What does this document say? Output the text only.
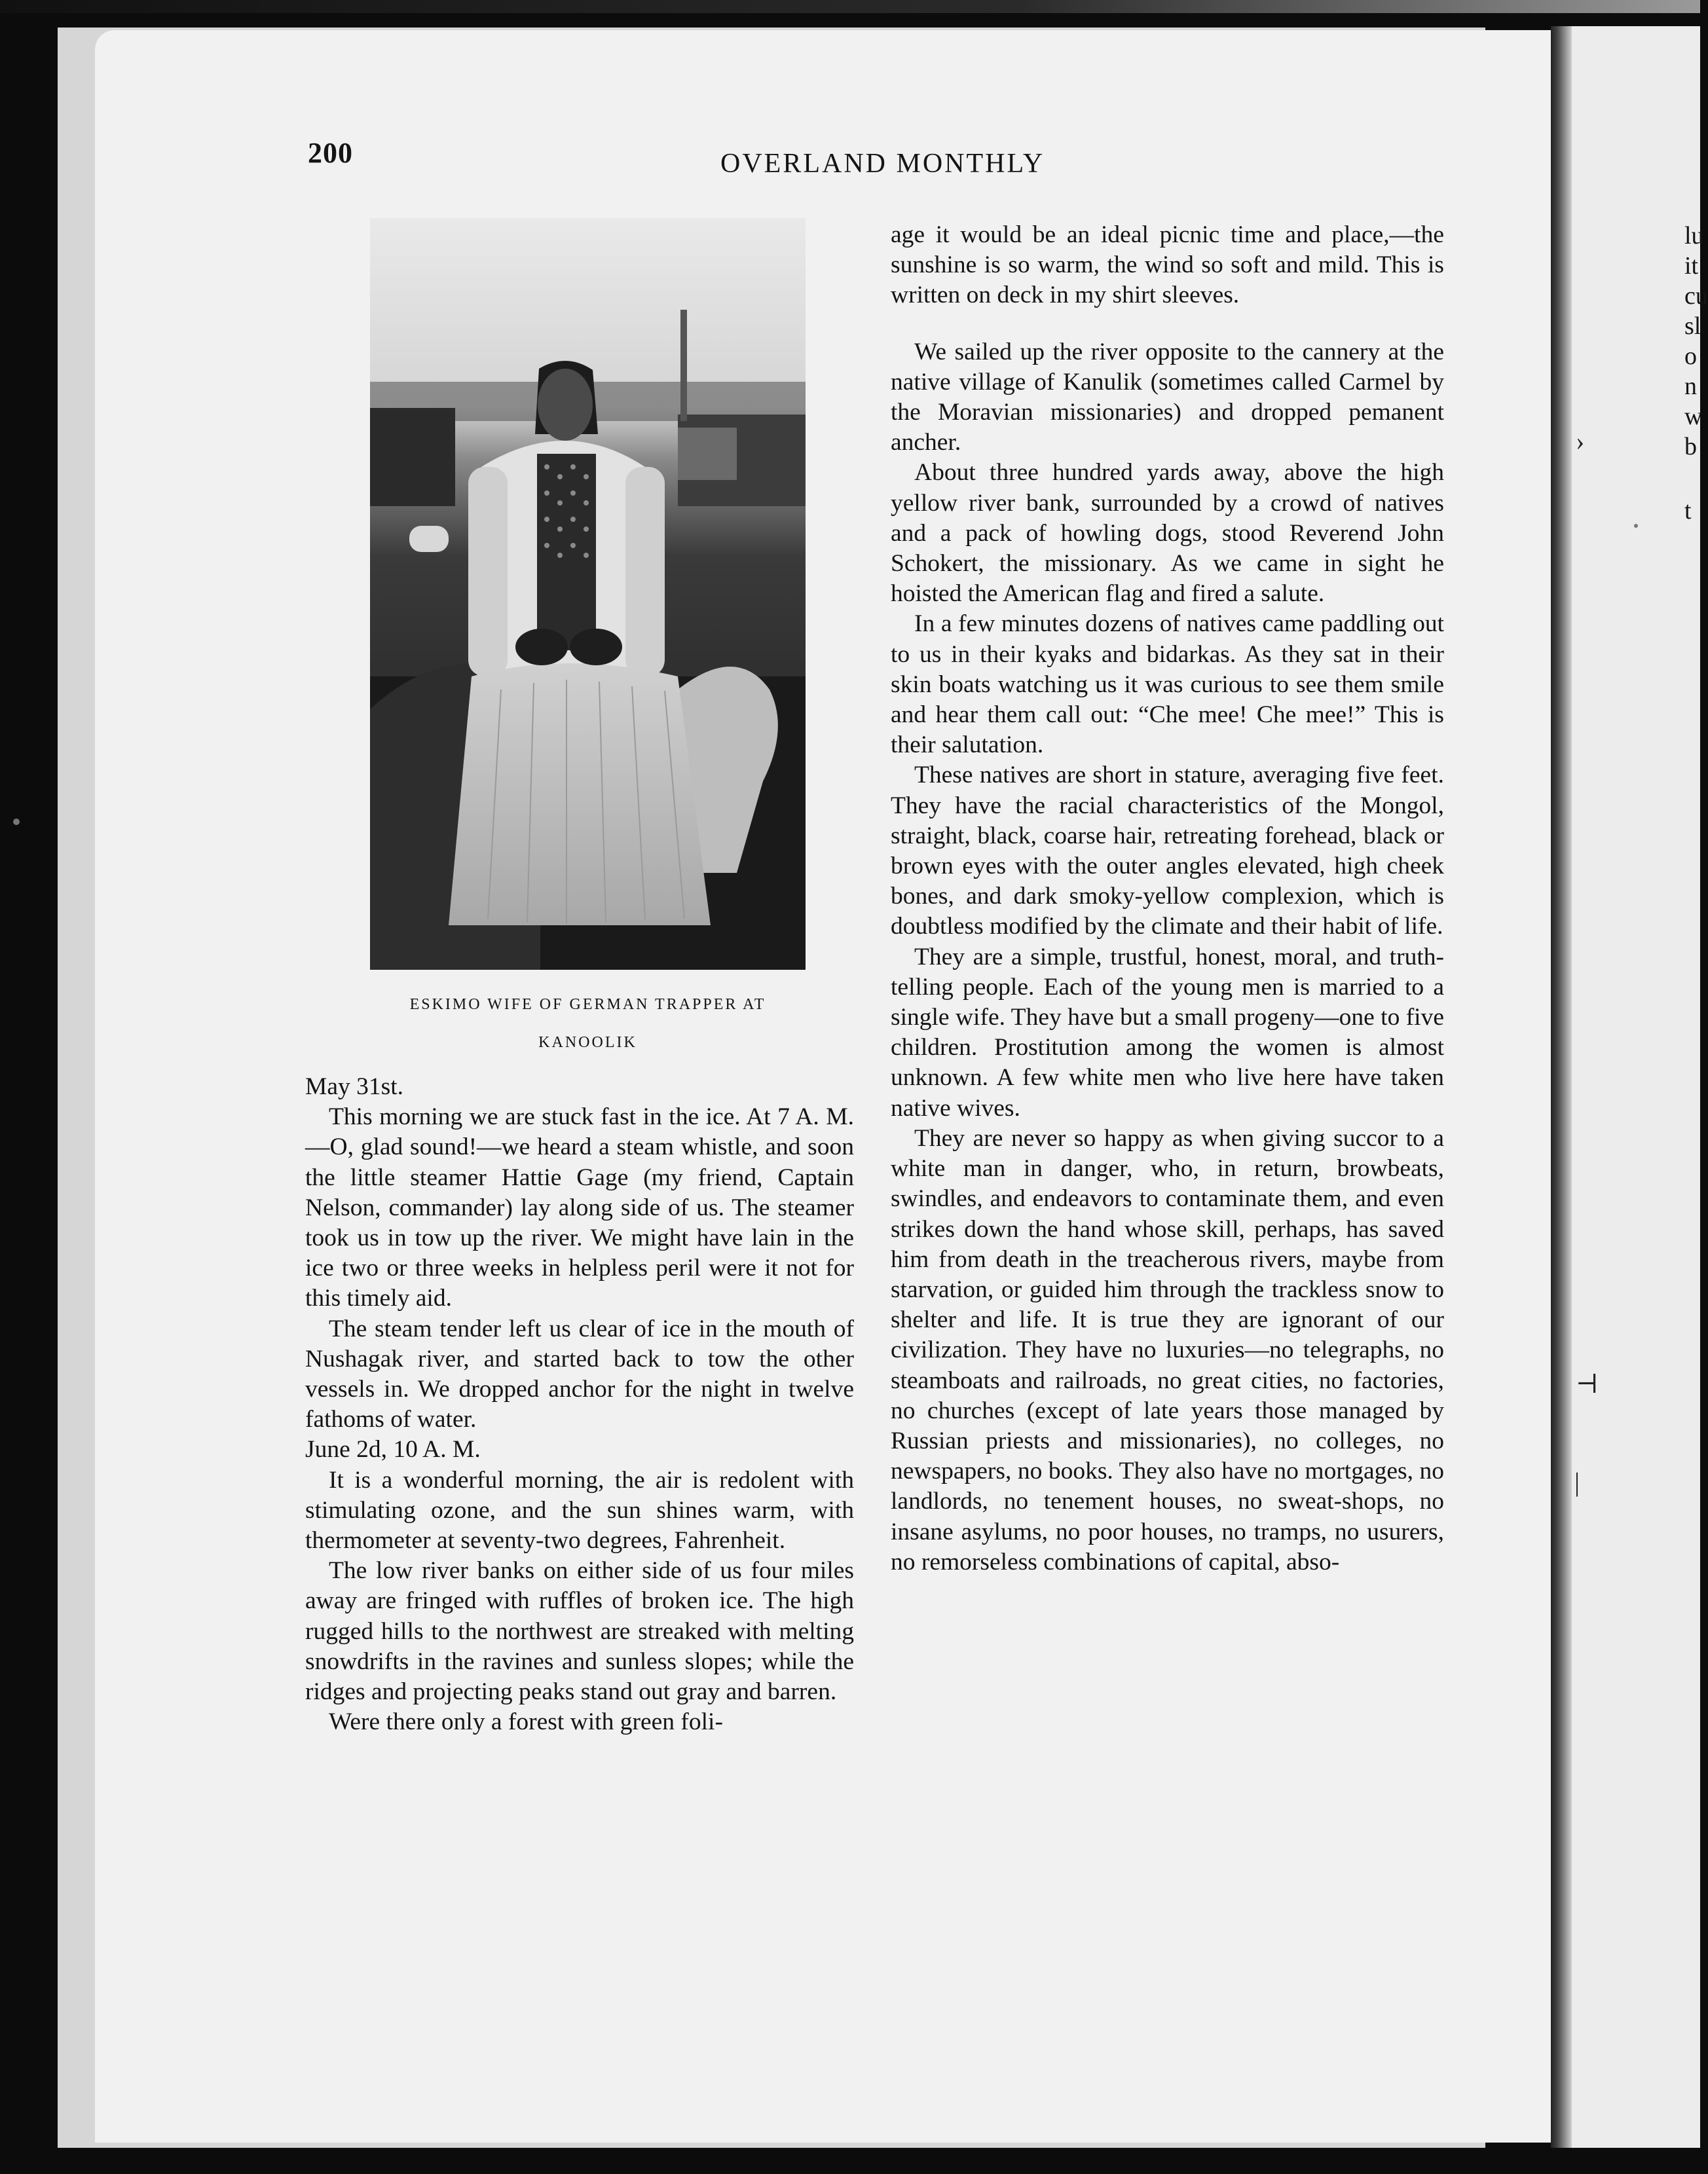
200	OVERLAND MONTHLY
ESKIMO WIFE OF GERMAN TRAPPER AT
KANOOLIK

May 31st.

This morning we are stuck fast in the ice. At 7 A. M.—O, glad sound!—we heard a steam whistle, and soon the little steamer Hattie Gage (my friend, Captain Nelson, commander) lay along side of us. The steamer took us in tow up the river. We might have lain in the ice two or three weeks in helpless peril were it not for this timely aid.

The steam tender left us clear of ice in the mouth of Nushagak river, and started back to tow the other vessels in. We dropped anchor for the night in twelve fathoms of water.

June 2d, 10 A. M.

It is a wonderful morning, the air is redolent with stimulating ozone, and the sun shines warm, with thermometer at seventy-two degrees, Fahrenheit.

The low river banks on either side of us four miles away are fringed with ruffles of broken ice. The high rugged hills to the northwest are streaked with melting snowdrifts in the ravines and sunless slopes; while the ridges and projecting peaks stand out gray and barren.

Were there only a forest with green foli-

age it would be an ideal picnic time and place,—the sunshine is so warm, the wind so soft and mild. This is written on deck in my shirt sleeves.

We sailed up the river opposite to the cannery at the native village of Kanulik (sometimes called Carmel by the Moravian missionaries) and dropped pemanent ancher.

About three hundred yards away, above the high yellow river bank, surrounded by a crowd of natives and a pack of howling dogs, stood Reverend John Schokert, the missionary. As we came in sight he hoisted the American flag and fired a salute.

In a few minutes dozens of natives came paddling out to us in their kyaks and bidarkas. As they sat in their skin boats watching us it was curious to see them smile and hear them call out: “Che mee! Che mee!” This is their salutation.

These natives are short in stature, averaging five feet. They have the racial characteristics of the Mongol, straight, black, coarse hair, retreating forehead, black or brown eyes with the outer angles elevated, high cheek bones, and dark smoky-yellow complexion, which is doubtless modified by the climate and their habit of life.

They are a simple, trustful, honest, moral, and truth-telling people. Each of the young men is married to a single wife. They have but a small progeny—one to five children. Prostitution among the women is almost unknown. A few white men who live here have taken native wives.

They are never so happy as when giving succor to a white man in danger, who, in return, browbeats, swindles, and endeavors to contaminate them, and even strikes down the hand whose skill, perhaps, has saved him from death in the treacherous rivers, maybe from starvation, or guided him through the trackless snow to shelter and life. It is true they are ignorant of our civilization. They have no luxuries—no telegraphs, no steamboats and railroads, no great cities, no factories, no churches (except of late years those managed by Russian priests and missionaries), no colleges, no newspapers, no books. They also have no mortgages, no landlords, no tenement houses, no sweat-shops, no insane asylums, no poor houses, no tramps, no usurers, no remorseless combinations of capital, abso-

lu
it
cu
sl
o
n
w
b
t
›
⊣
|
